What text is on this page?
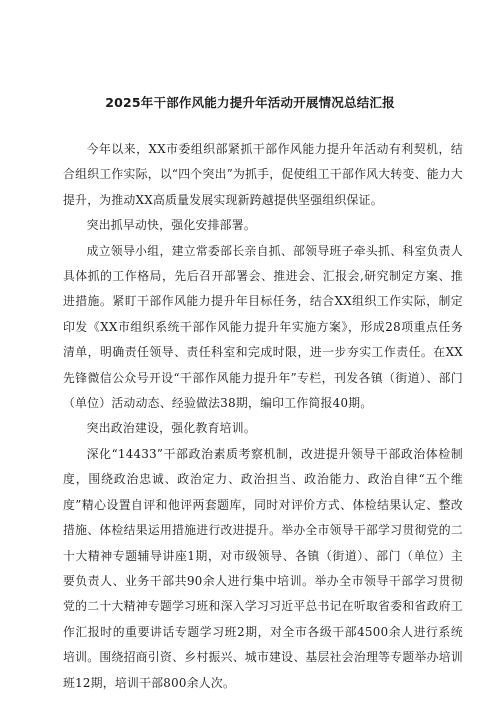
2025年干部作风能力提升年活动开展情况总结汇报

今年以来，XX市委组织部紧抓干部作风能力提升年活动有利契机，结合组织工作实际，以“四个突出”为抓手，促使组工干部作风大转变、能力大提升，为推动XX高质量发展实现新跨越提供坚强组织保证。

突出抓早动快，强化安排部署。

成立领导小组，建立常委部长亲自抓、部领导班子牵头抓、科室负责人具体抓的工作格局，先后召开部署会、推进会、汇报会,研究制定方案、推进措施。紧盯干部作风能力提升年目标任务，结合XX组织工作实际，制定印发《XX市组织系统干部作风能力提升年实施方案》，形成28项重点任务清单，明确责任领导、责任科室和完成时限，进一步夯实工作责任。在XX先锋微信公众号开设“干部作风能力提升年”专栏，刊发各镇（街道）、部门（单位）活动动态、经验做法38期，编印工作简报40期。

突出政治建设，强化教育培训。

深化“14433”干部政治素质考察机制，改进提升领导干部政治体检制度，围绕政治忠诚、政治定力、政治担当、政治能力、政治自律“五个维度”精心设置自评和他评两套题库，同时对评价方式、体检结果认定、整改措施、体检结果运用措施进行改进提升。举办全市领导干部学习贯彻党的二十大精神专题辅导讲座1期，对市级领导、各镇（街道）、部门（单位）主要负责人、业务干部共90余人进行集中培训。举办全市领导干部学习贯彻党的二十大精神专题学习班和深入学习习近平总书记在听取省委和省政府工作汇报时的重要讲话专题学习班2期，对全市各级干部4500余人进行系统培训。围绕招商引资、乡村振兴、城市建设、基层社会治理等专题举办培训班12期，培训干部800余人次。
